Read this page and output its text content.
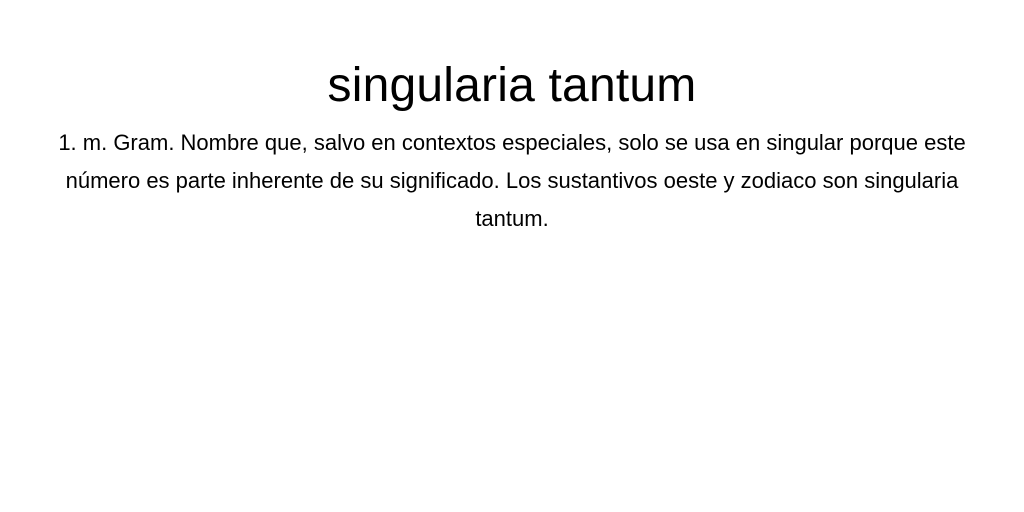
singularia tantum

1. m. Gram. Nombre que, salvo en contextos especiales, solo se usa en singular porque este número es parte inherente de su significado. Los sustantivos oeste y zodiaco son singularia tantum.
